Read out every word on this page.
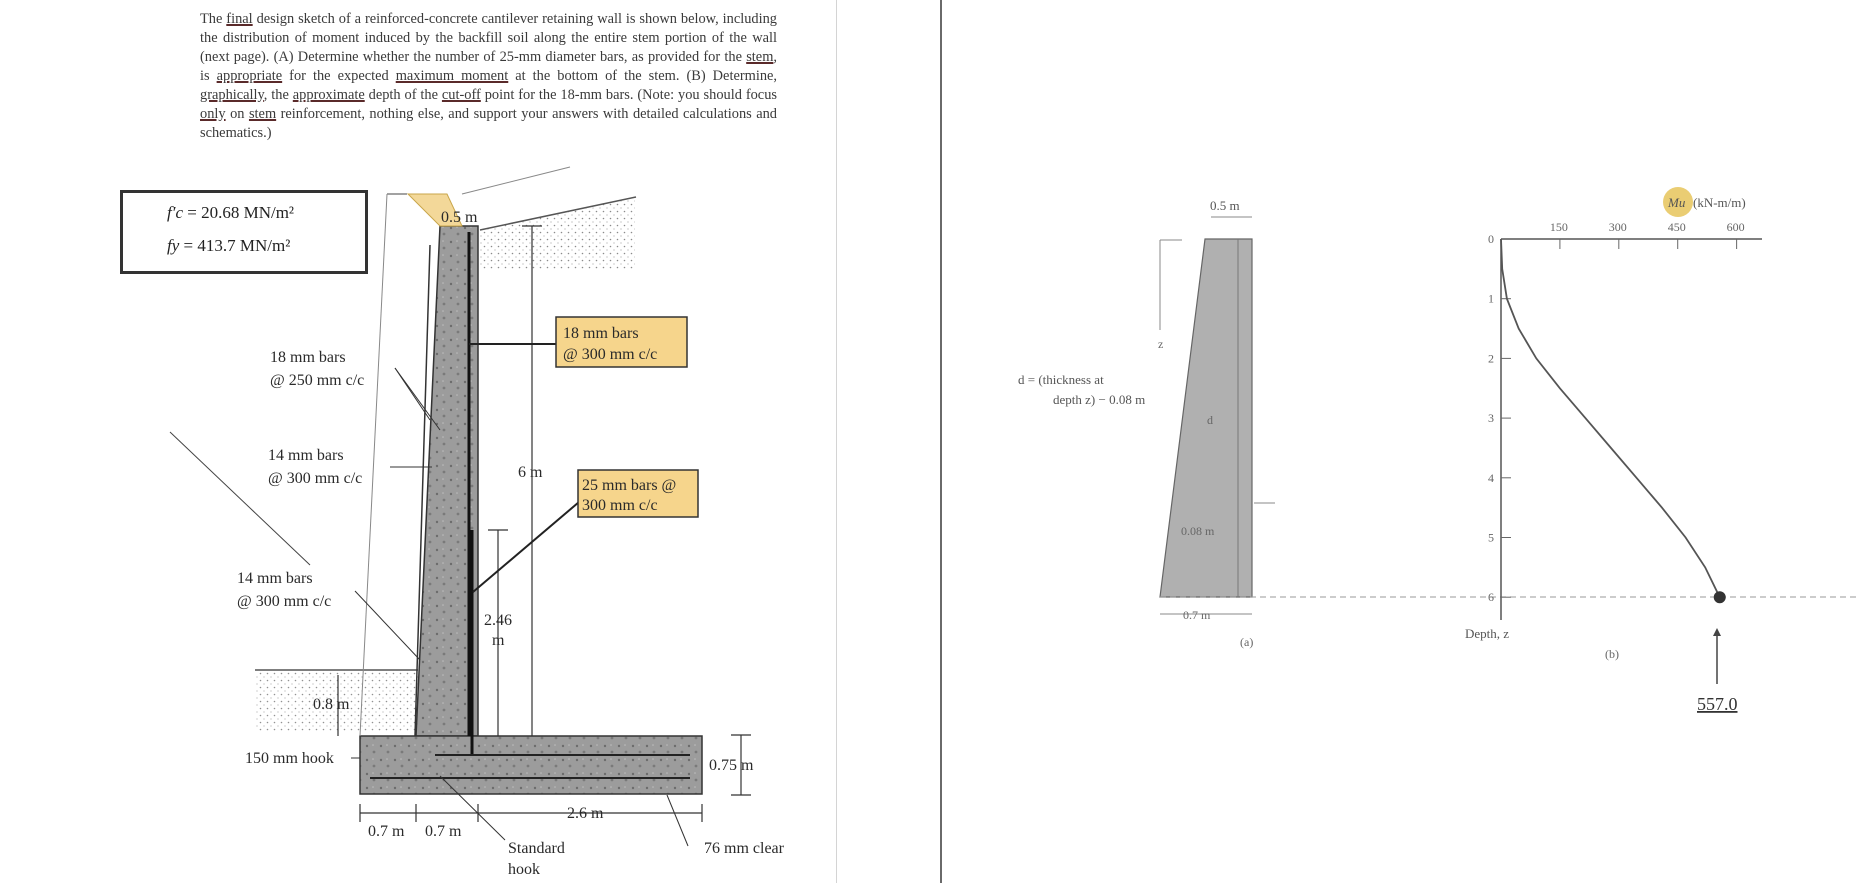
The final design sketch of a reinforced-concrete cantilever retaining wall is shown below, including the distribution of moment induced by the backfill soil along the entire stem portion of the wall (next page). (A) Determine whether the number of 25-mm diameter bars, as provided for the stem, is appropriate for the expected maximum moment at the bottom of the stem. (B) Determine, graphically, the approximate depth of the cut-off point for the 18-mm bars. (Note: you should focus only on stem reinforcement, nothing else, and support your answers with detailed calculations and schematics.)
f′c = 20.68 MN/m²
fy = 413.7 MN/m²
0.5 m
18 mm bars
@ 250 mm c/c
14 mm bars
@ 300 mm c/c
14 mm bars
@ 300 mm c/c
18 mm bars
@ 300 mm c/c
25 mm bars @
300 mm c/c
6 m
2.46
m
0.8 m
150 mm hook	0.75 m
0.7 m 0.7 m
2.6 m
Standard
hook
76 mm clear
0.5 m
z
d = (thickness at
depth z) − 0.08 m
d
0.08 m
0.7 m
(a)
150	300	450	600
0
1
2
3
4
5
6
Mu (kN-m/m)
Depth, z
(b)
557.0
